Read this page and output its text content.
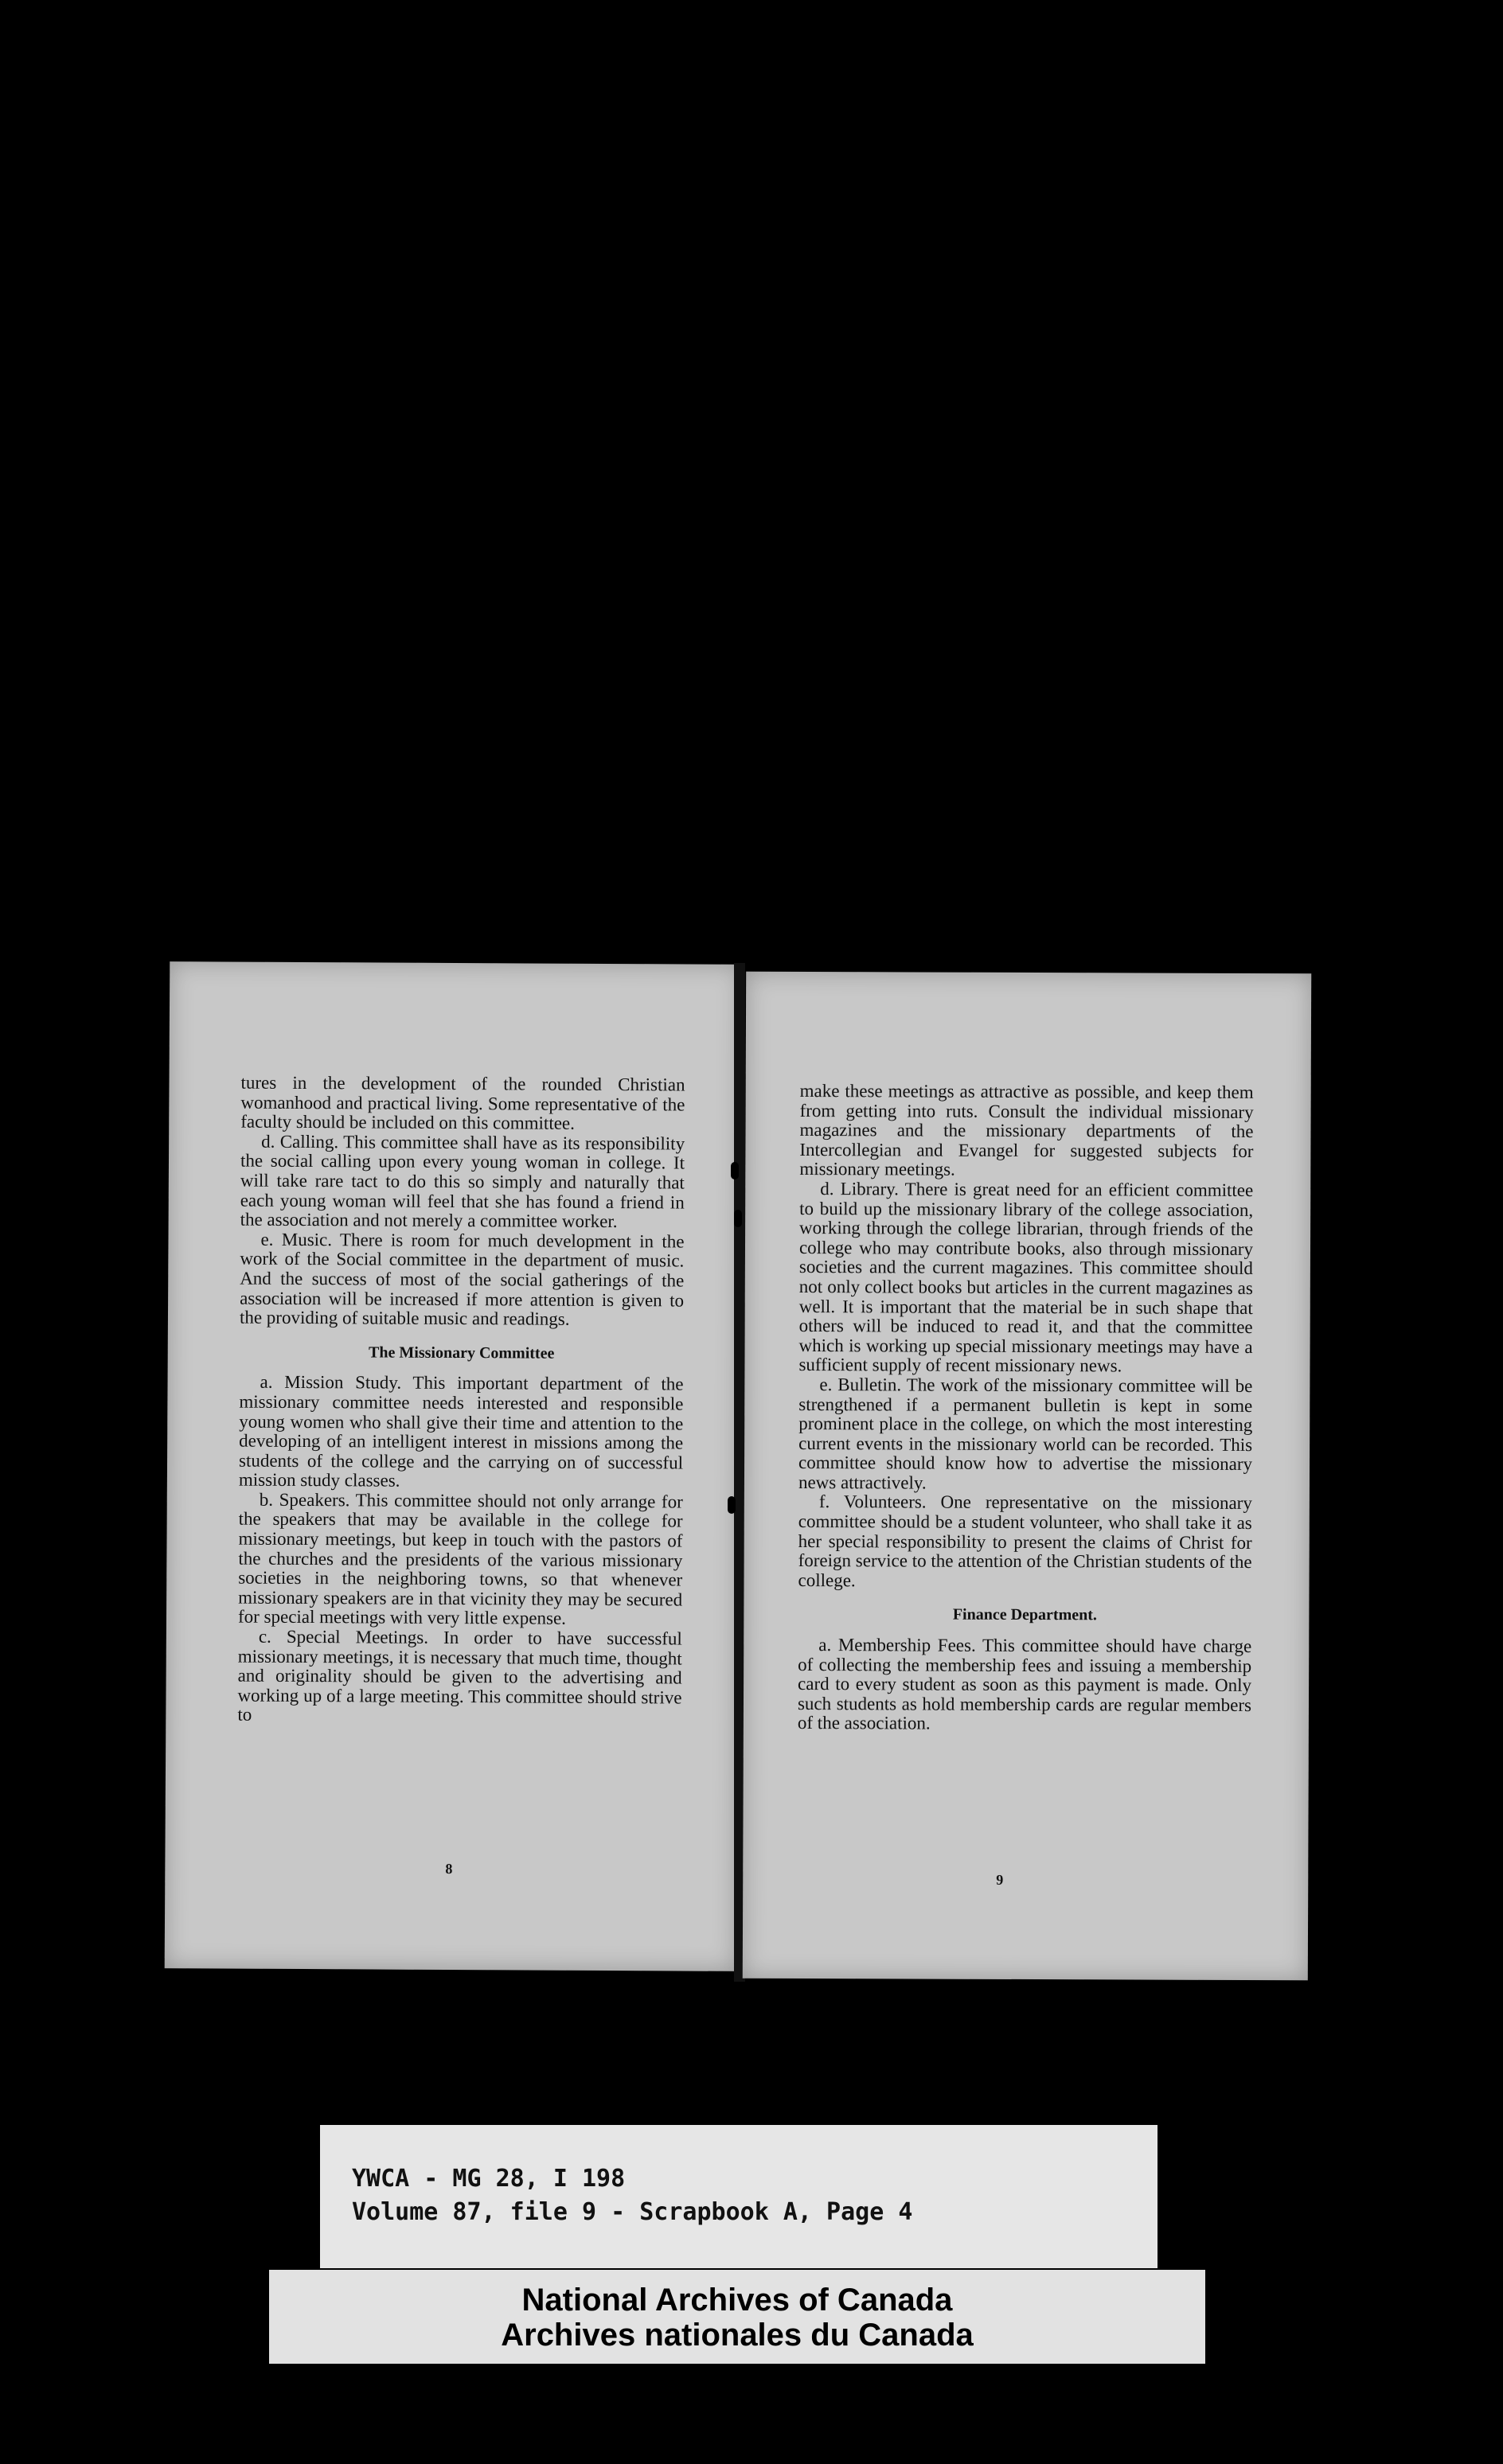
tures in the development of the rounded Christian womanhood and practical living. Some representative of the faculty should be included on this committee.

d. Calling. This committee shall have as its responsibility the social calling upon every young woman in college. It will take rare tact to do this so simply and naturally that each young woman will feel that she has found a friend in the association and not merely a committee worker.

e. Music. There is room for much development in the work of the Social committee in the department of music. And the success of most of the social gatherings of the association will be increased if more attention is given to the providing of suitable music and readings.

The Missionary Committee

a. Mission Study. This important department of the missionary committee needs interested and responsible young women who shall give their time and attention to the developing of an intelligent interest in missions among the students of the college and the carrying on of successful mission study classes.

b. Speakers. This committee should not only arrange for the speakers that may be available in the college for missionary meetings, but keep in touch with the pastors of the churches and the presidents of the various missionary societies in the neighboring towns, so that whenever missionary speakers are in that vicinity they may be secured for special meetings with very little expense.

c. Special Meetings. In order to have successful missionary meetings, it is necessary that much time, thought and originality should be given to the advertising and working up of a large meeting. This committee should strive to

8

make these meetings as attractive as possible, and keep them from getting into ruts. Consult the individual missionary magazines and the missionary departments of the Intercollegian and Evangel for suggested subjects for missionary meetings.

d. Library. There is great need for an efficient committee to build up the missionary library of the college association, working through the college librarian, through friends of the college who may contribute books, also through missionary societies and the current magazines. This committee should not only collect books but articles in the current magazines as well. It is important that the material be in such shape that others will be induced to read it, and that the committee which is working up special missionary meetings may have a sufficient supply of recent missionary news.

e. Bulletin. The work of the missionary committee will be strengthened if a permanent bulletin is kept in some prominent place in the college, on which the most interesting current events in the missionary world can be recorded. This committee should know how to advertise the missionary news attractively.

f. Volunteers. One representative on the missionary committee should be a student volunteer, who shall take it as her special responsibility to present the claims of Christ for foreign service to the attention of the Christian students of the college.

Finance Department.

a. Membership Fees. This committee should have charge of collecting the membership fees and issuing a membership card to every student as soon as this payment is made. Only such students as hold membership cards are regular members of the association.

9
YWCA - MG 28, I 198
Volume 87, file 9 - Scrapbook A, Page 4
National Archives of Canada
Archives nationales du Canada
